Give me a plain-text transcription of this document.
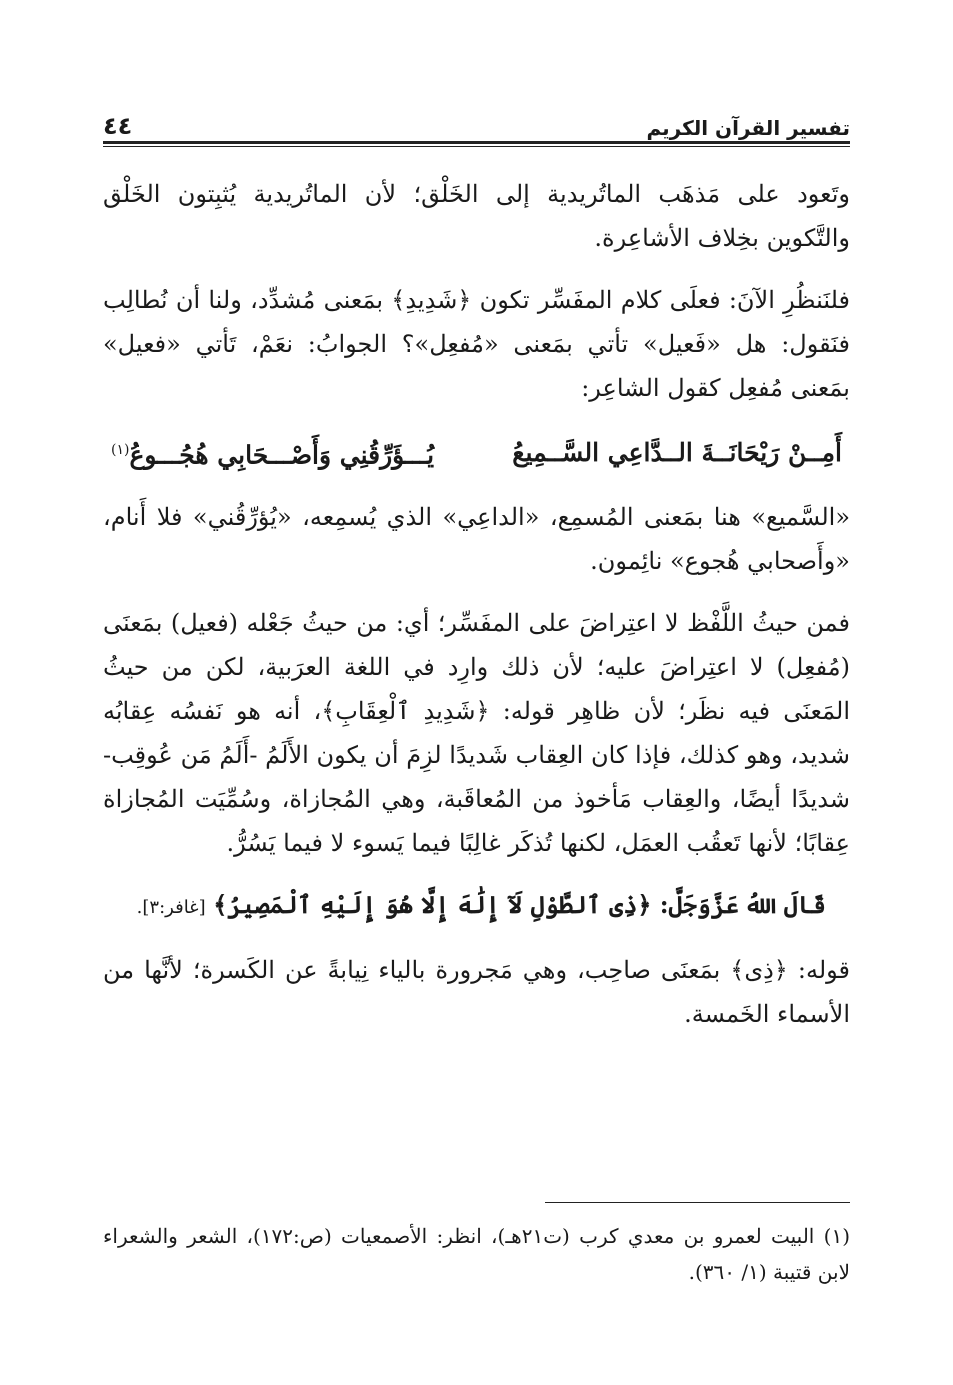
تفسير القرآن الكريم
٤٤

وتَعود على مَذهَب الماتُريدية إلى الخَلْق؛ لأن الماتُريدية يُثبِتون الخَلْق والتَّكوين بخِلاف الأشاعِرة.

فلنَنظُرِ الآنَ: فعلَى كلام المفَسِّر تكون ﴿شَدِيدِ﴾ بمَعنى مُشدِّد، ولنا أن نُطالِب فنَقول: هل «فَعيل» تأتي بمَعنى «مُفعِل»؟ الجوابُ: نعَمْ، تَأتي «فعيل» بمَعنى مُفعِل كقول الشاعِر:

أَمِــنْ رَيْحَانَــةَ الــدَّاعِي السَّــمِيعُ
يُـــؤَرِّقُنِي وَأَصْـــحَابِي هُجُـــوعُ$^{(١)}$

«السَّميع» هنا بمَعنى المُسمِع، «الداعِي» الذي يُسمِعه، «يُؤرِّقُني» فلا أَنام، «وأَصحابي هُجوع» نائِمون.

فمن حيثُ اللَّفْظ لا اعتِراضَ على المفَسِّر؛ أي: من حيثُ جَعْله (فعيل) بمَعنَى (مُفعِل) لا اعتِراضَ عليه؛ لأن ذلك وارِد في اللغة العرَبية، لكن من حيثُ المَعنَى فيه نظَر؛ لأن ظاهِر قوله: ﴿شَدِيدِ ٱلْعِقَابِ﴾، أنه هو نَفسُه عِقابُه شديد، وهو كذلك، فإذا كان العِقاب شَديدًا لزِمَ أن يكون الأَلَمُ -أَلَمُ مَن عُوقِب- شديدًا أيضًا، والعِقاب مَأخوذ من المُعاقَبة، وهي المُجازاة، وسُمِّيَت المُجازاة عِقابًا؛ لأنها تَعقُب العمَل، لكنها تُذكَر غالِبًا فيما يَسوء لا فيما يَسُرُّ.

قَالَ اللهُ عَزَّوَجَلَّ: ﴿ذِى ٱلطَّوْلِ لَآ إِلَٰهَ إِلَّا هُوَ إِلَيْهِ ٱلْمَصِيرُ﴾ [غافر:٣].

قوله: ﴿ذِى﴾ بمَعنَى صاحِب، وهي مَجرورة بالياء نِيابةً عن الكَسرة؛ لأنَّها من الأسماء الخَمسة.

(١) البيت لعمرو بن معدي كرب (ت٢١هـ)، انظر: الأصمعيات (ص:١٧٢)، الشعر والشعراء لابن قتيبة (١/ ٣٦٠).
